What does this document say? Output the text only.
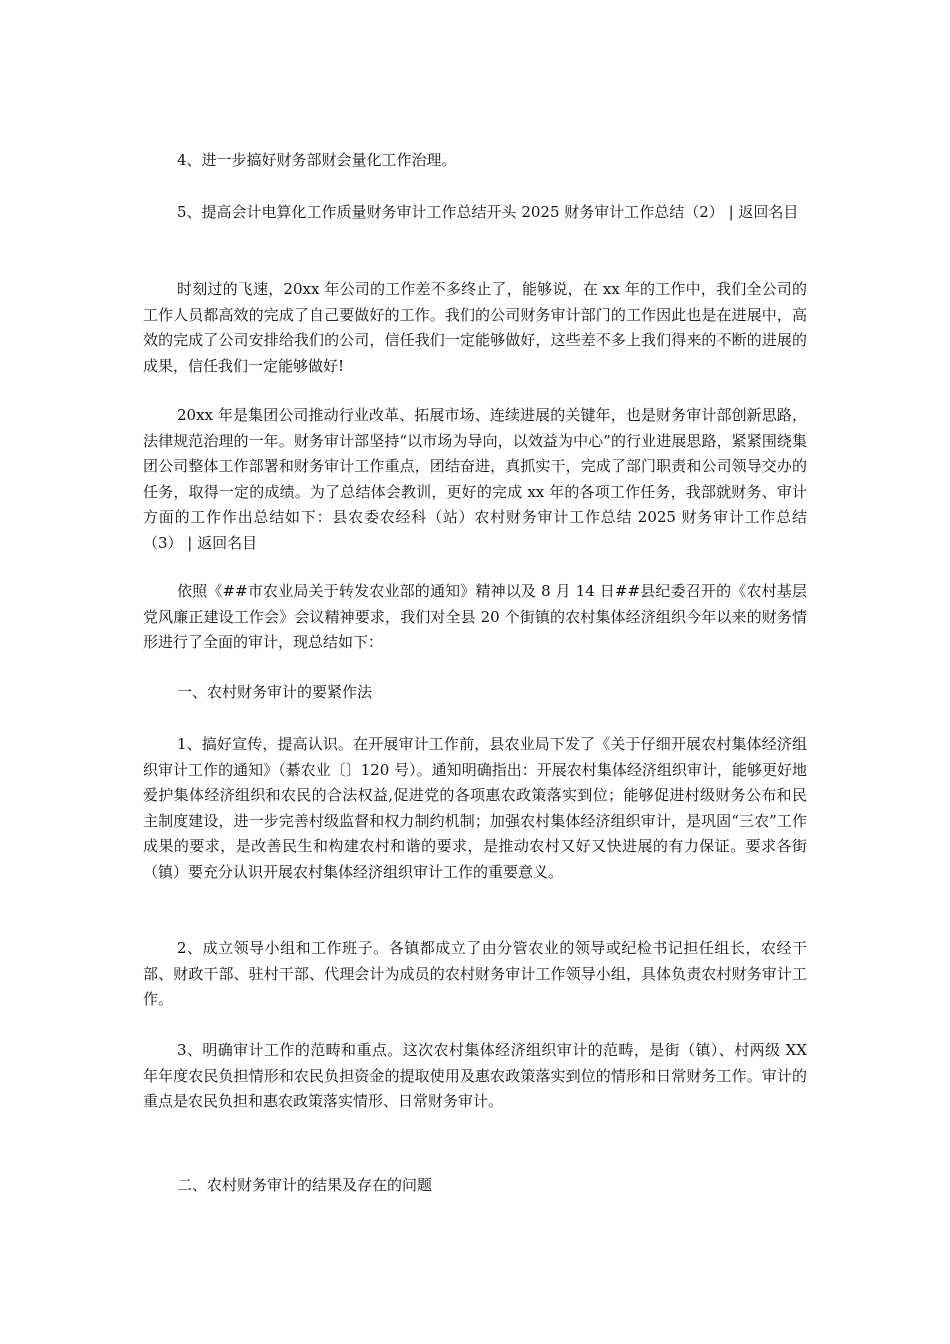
4、进一步搞好财务部财会量化工作治理。

5、提高会计电算化工作质量财务审计工作总结开头 2025 财务审计工作总结（2） | 返回名目

时刻过的飞速，20xx 年公司的工作差不多终止了，能够说，在 xx 年的工作中，我们全公司的工作人员都高效的完成了自己要做好的工作。我们的公司财务审计部门的工作因此也是在进展中，高效的完成了公司安排给我们的公司，信任我们一定能够做好，这些差不多上我们得来的不断的进展的成果，信任我们一定能够做好!

20xx 年是集团公司推动行业改革、拓展市场、连续进展的关键年，也是财务审计部创新思路，法律规范治理的一年。财务审计部坚持“以市场为导向，以效益为中心”的行业进展思路，紧紧围绕集团公司整体工作部署和财务审计工作重点，团结奋进，真抓实干，完成了部门职责和公司领导交办的任务，取得一定的成绩。为了总结体会教训，更好的完成 xx 年的各项工作任务，我部就财务、审计方面的工作作出总结如下：县农委农经科（站）农村财务审计工作总结 2025 财务审计工作总结（3） | 返回名目

依照《##市农业局关于转发农业部的通知》精神以及 8 月 14 日##县纪委召开的《农村基层党风廉正建设工作会》会议精神要求，我们对全县 20 个街镇的农村集体经济组织今年以来的财务情形进行了全面的审计，现总结如下：

一、农村财务审计的要紧作法

1、搞好宣传，提高认识。在开展审计工作前，县农业局下发了《关于仔细开展农村集体经济组织审计工作的通知》（綦农业〔〕120 号）。通知明确指出：开展农村集体经济组织审计，能够更好地爱护集体经济组织和农民的合法权益,促进党的各项惠农政策落实到位；能够促进村级财务公布和民主制度建设，进一步完善村级监督和权力制约机制；加强农村集体经济组织审计，是巩固“三农”工作成果的要求，是改善民生和构建农村和谐的要求，是推动农村又好又快进展的有力保证。要求各街（镇）要充分认识开展农村集体经济组织审计工作的重要意义。

2、成立领导小组和工作班子。各镇都成立了由分管农业的领导或纪检书记担任组长，农经干部、财政干部、驻村干部、代理会计为成员的农村财务审计工作领导小组，具体负责农村财务审计工作。

3、明确审计工作的范畴和重点。这次农村集体经济组织审计的范畴，是街（镇）、村两级 XX 年年度农民负担情形和农民负担资金的提取使用及惠农政策落实到位的情形和日常财务工作。审计的重点是农民负担和惠农政策落实情形、日常财务审计。

二、农村财务审计的结果及存在的问题
